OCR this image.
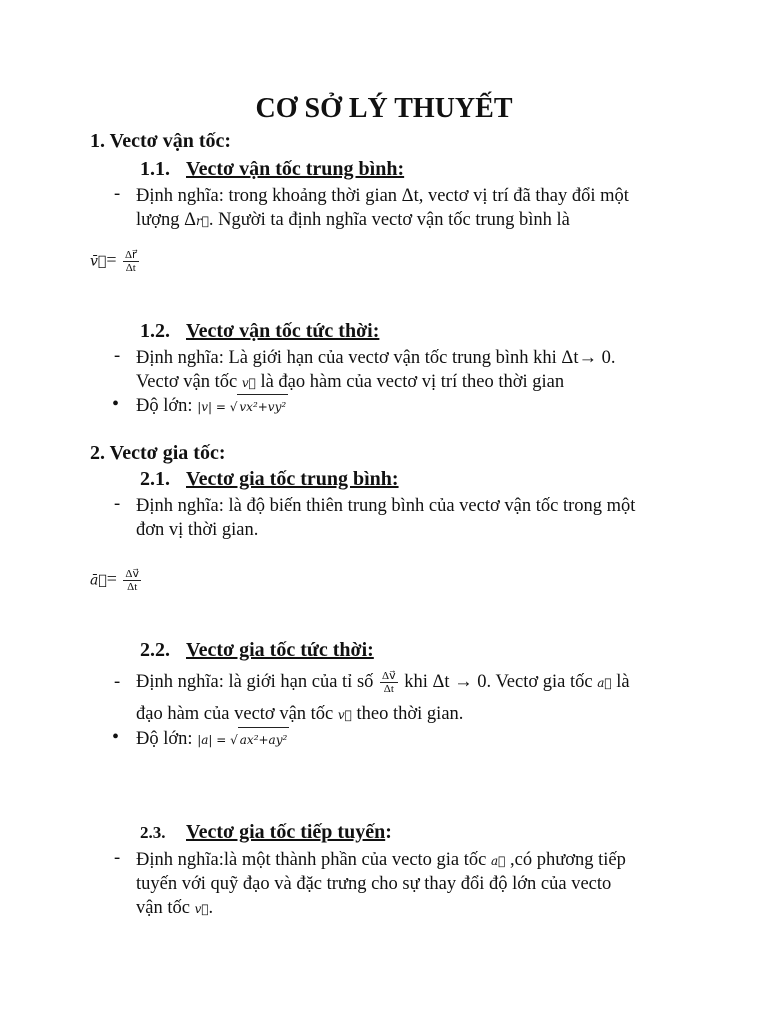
CƠ SỞ LÝ THUYẾT
1. Vectơ vận tốc:
1.1. Vectơ vận tốc trung bình:
- Định nghĩa: trong khoảng thời gian Δt, vectơ vị trí đã thay đổi một
lượng Δr⃗. Người ta định nghĩa vectơ vận tốc trung bình là
v̄⃗= $\frac{\Delta r⃗}{\Delta t}$
1.2. Vectơ vận tốc tức thời:
- Định nghĩa: Là giới hạn của vectơ vận tốc trung bình khi Δt→ 0.
Vectơ vận tốc v⃗ là đạo hàm của vectơ vị trí theo thời gian
• Độ lớn: |v| = √ vx²+vy²
2. Vectơ gia tốc:
2.1. Vectơ gia tốc trung bình:
- Định nghĩa: là độ biến thiên trung bình của vectơ vận tốc trong một
đơn vị thời gian.
ā⃗= $\frac{\Delta v⃗}{\Delta t}$
2.2. Vectơ gia tốc tức thời:
- Định nghĩa: là giới hạn của tỉ số $\frac{\Delta v⃗}{\Delta t}$ khi Δt → 0. Vectơ gia tốc a⃗ là
đạo hàm của vectơ vận tốc v⃗ theo thời gian.
• Độ lớn: |a| = √ ax²+ay²
2.3. Vectơ gia tốc tiếp tuyến:
- Định nghĩa:là một thành phần của vecto gia tốc a⃗ ,có phương tiếp
tuyến với quỹ đạo và đặc trưng cho sự thay đổi độ lớn của vecto
vận tốc v⃗.
